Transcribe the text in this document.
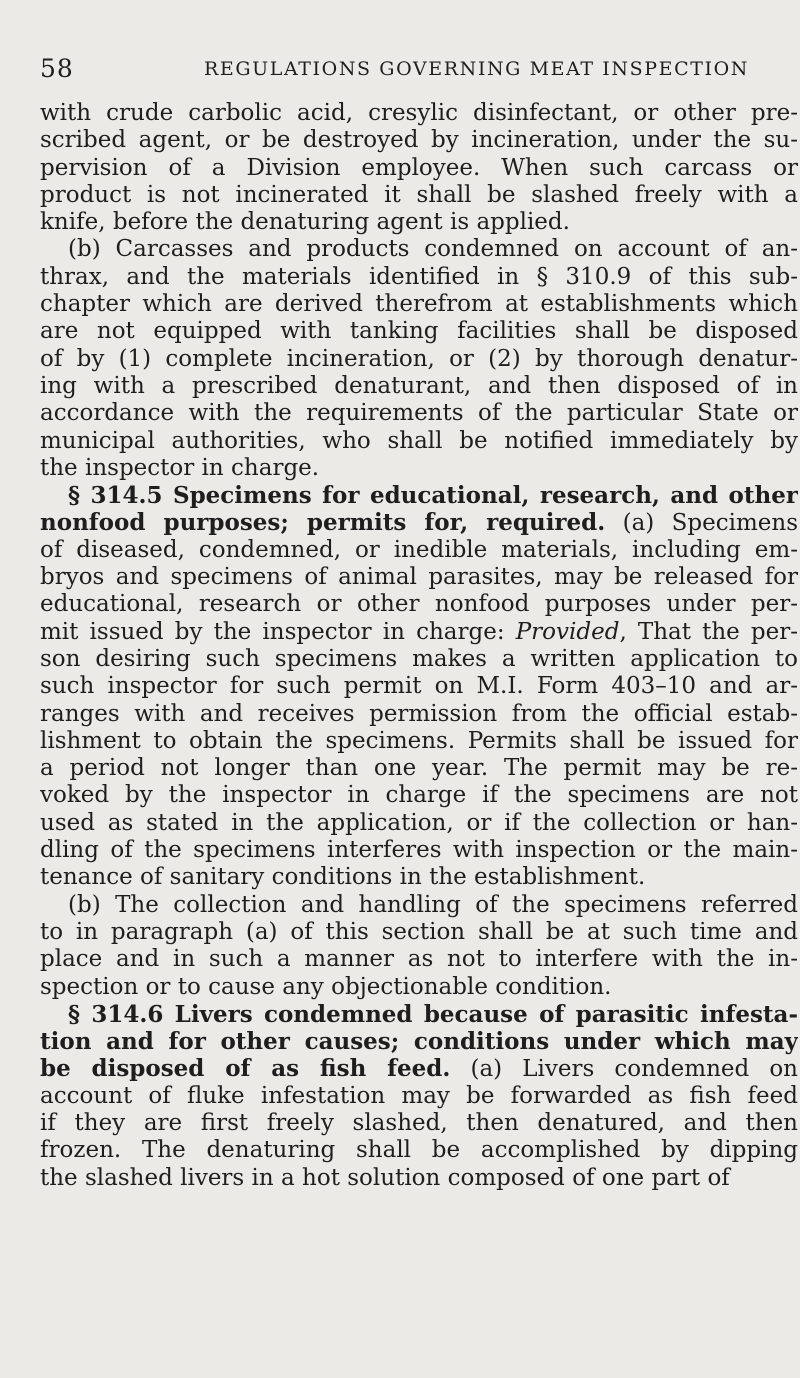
58	REGULATIONS GOVERNING MEAT INSPECTION
with crude carbolic acid, cresylic disinfectant, or other pre-
scribed agent, or be destroyed by incineration, under the su-
pervision of a Division employee. When such carcass or
product is not incinerated it shall be slashed freely with a
knife, before the denaturing agent is applied.
(b) Carcasses and products condemned on account of an-
thrax, and the materials identified in § 310.9 of this sub-
chapter which are derived therefrom at establishments which
are not equipped with tanking facilities shall be disposed
of by (1) complete incineration, or (2) by thorough denatur-
ing with a prescribed denaturant, and then disposed of in
accordance with the requirements of the particular State or
municipal authorities, who shall be notified immediately by
the inspector in charge.
§ 314.5 Specimens for educational, research, and other
nonfood purposes; permits for, required. (a) Specimens
of diseased, condemned, or inedible materials, including em-
bryos and specimens of animal parasites, may be released for
educational, research or other nonfood purposes under per-
mit issued by the inspector in charge: Provided, That the per-
son desiring such specimens makes a written application to
such inspector for such permit on M.I. Form 403–10 and ar-
ranges with and receives permission from the official estab-
lishment to obtain the specimens. Permits shall be issued for
a period not longer than one year. The permit may be re-
voked by the inspector in charge if the specimens are not
used as stated in the application, or if the collection or han-
dling of the specimens interferes with inspection or the main-
tenance of sanitary conditions in the establishment.
(b) The collection and handling of the specimens referred
to in paragraph (a) of this section shall be at such time and
place and in such a manner as not to interfere with the in-
spection or to cause any objectionable condition.
§ 314.6 Livers condemned because of parasitic infesta-
tion and for other causes; conditions under which may
be disposed of as fish feed. (a) Livers condemned on
account of fluke infestation may be forwarded as fish feed
if they are first freely slashed, then denatured, and then
frozen. The denaturing shall be accomplished by dipping
the slashed livers in a hot solution composed of one part of
